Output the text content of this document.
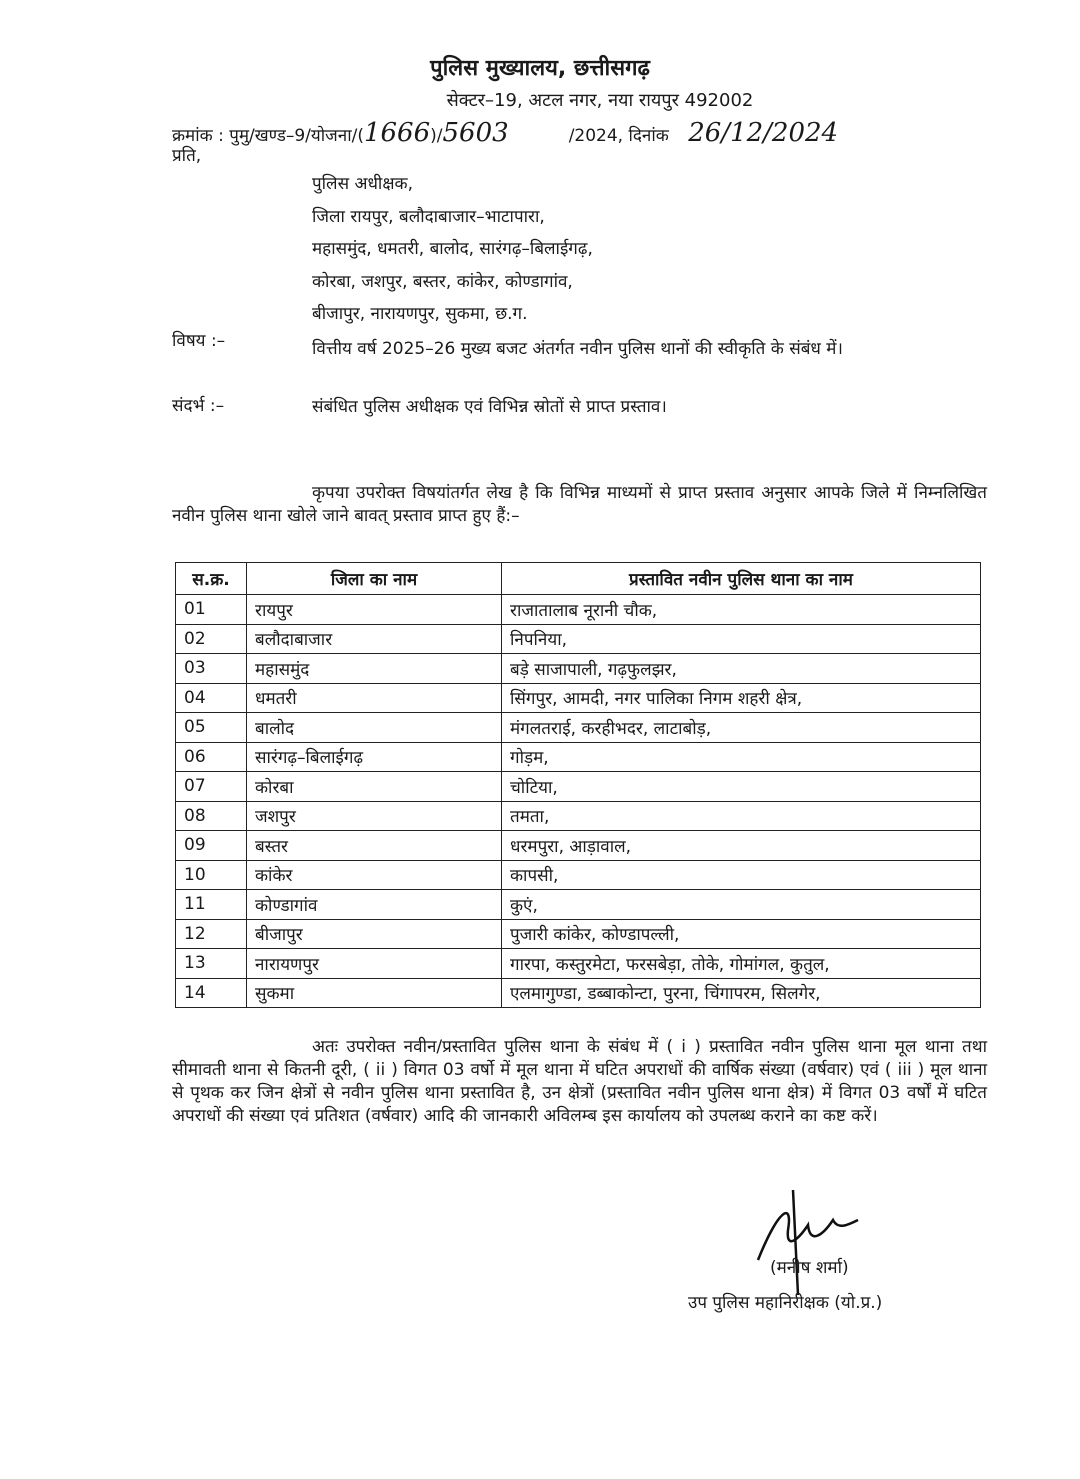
पुलिस मुख्यालय, छत्तीसगढ़
सेक्टर–19, अटल नगर, नया रायपुर 492002
क्रमांक : पुमु/खण्ड–9/योजना/(1666)/5603	/2024, दिनांक 26/12/2024
प्रति,
पुलिस अधीक्षक,
जिला रायपुर, बलौदाबाजार–भाटापारा,
महासमुंद, धमतरी, बालोद, सारंगढ़–बिलाईगढ़,
कोरबा, जशपुर, बस्तर, कांकेर, कोण्डागांव,
बीजापुर, नारायणपुर, सुकमा, छ.ग.
विषय :–	वित्तीय वर्ष 2025–26 मुख्य बजट अंतर्गत नवीन पुलिस थानों की स्वीकृति के संबंध में।
संदर्भ :–	संबंधित पुलिस अधीक्षक एवं विभिन्न स्रोतों से प्राप्त प्रस्ताव।
कृपया उपरोक्त विषयांतर्गत लेख है कि विभिन्न माध्यमों से प्राप्त प्रस्ताव अनुसार आपके जिले में निम्नलिखित नवीन पुलिस थाना खोले जाने बावत् प्रस्ताव प्राप्त हुए हैं:–
स.क्र.	जिला का नाम	प्रस्तावित नवीन पुलिस थाना का नाम
01	रायपुर	राजातालाब नूरानी चौक,
02	बलौदाबाजार	निपनिया,
03	महासमुंद	बड़े साजापाली, गढ़फुलझर,
04	धमतरी	सिंगपुर, आमदी, नगर पालिका निगम शहरी क्षेत्र,
05	बालोद	मंगलतराई, करहीभदर, लाटाबोड़,
06	सारंगढ़–बिलाईगढ़	गोड़म,
07	कोरबा	चोटिया,
08	जशपुर	तमता,
09	बस्तर	धरमपुरा, आड़ावाल,
10	कांकेर	कापसी,
11	कोण्डागांव	कुएं,
12	बीजापुर	पुजारी कांकेर, कोण्डापल्ली,
13	नारायणपुर	गारपा, कस्तुरमेटा, फरसबेड़ा, तोके, गोमांगल, कुतुल,
14	सुकमा	एलमागुण्डा, डब्बाकोन्टा, पुरना, चिंगापरम, सिलगेर,
अतः उपरोक्त नवीन/प्रस्तावित पुलिस थाना के संबंध में ( i ) प्रस्तावित नवीन पुलिस थाना मूल थाना तथा सीमावती थाना से कितनी दूरी, ( ii ) विगत 03 वर्षो में मूल थाना में घटित अपराधों की वार्षिक संख्या (वर्षवार) एवं ( iii ) मूल थाना से पृथक कर जिन क्षेत्रों से नवीन पुलिस थाना प्रस्तावित है, उन क्षेत्रों (प्रस्तावित नवीन पुलिस थाना क्षेत्र) में विगत 03 वर्षों में घटित अपराधों की संख्या एवं प्रतिशत (वर्षवार) आदि की जानकारी अविलम्ब इस कार्यालय को उपलब्ध कराने का कष्ट करें।
(मनीष शर्मा)
उप पुलिस महानिरीक्षक (यो.प्र.)
